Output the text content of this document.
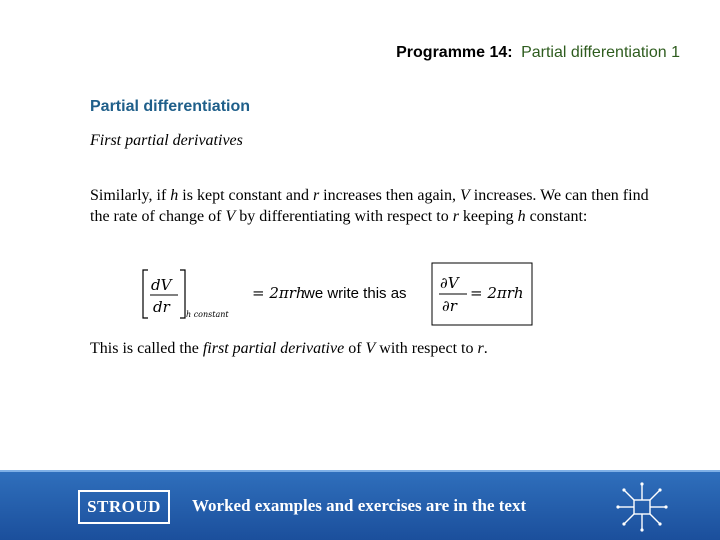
Programme 14: Partial differentiation 1
Partial differentiation
First partial derivatives
Similarly, if h is kept constant and r increases then again, V increases. We can then find the rate of change of V by differentiating with respect to r keeping h constant:
dV
dr h constant
= 2πrh
we write this as
∂V
∂r
= 2πrh
This is called the first partial derivative of V with respect to r.
STROUD	Worked examples and exercises are in the text
